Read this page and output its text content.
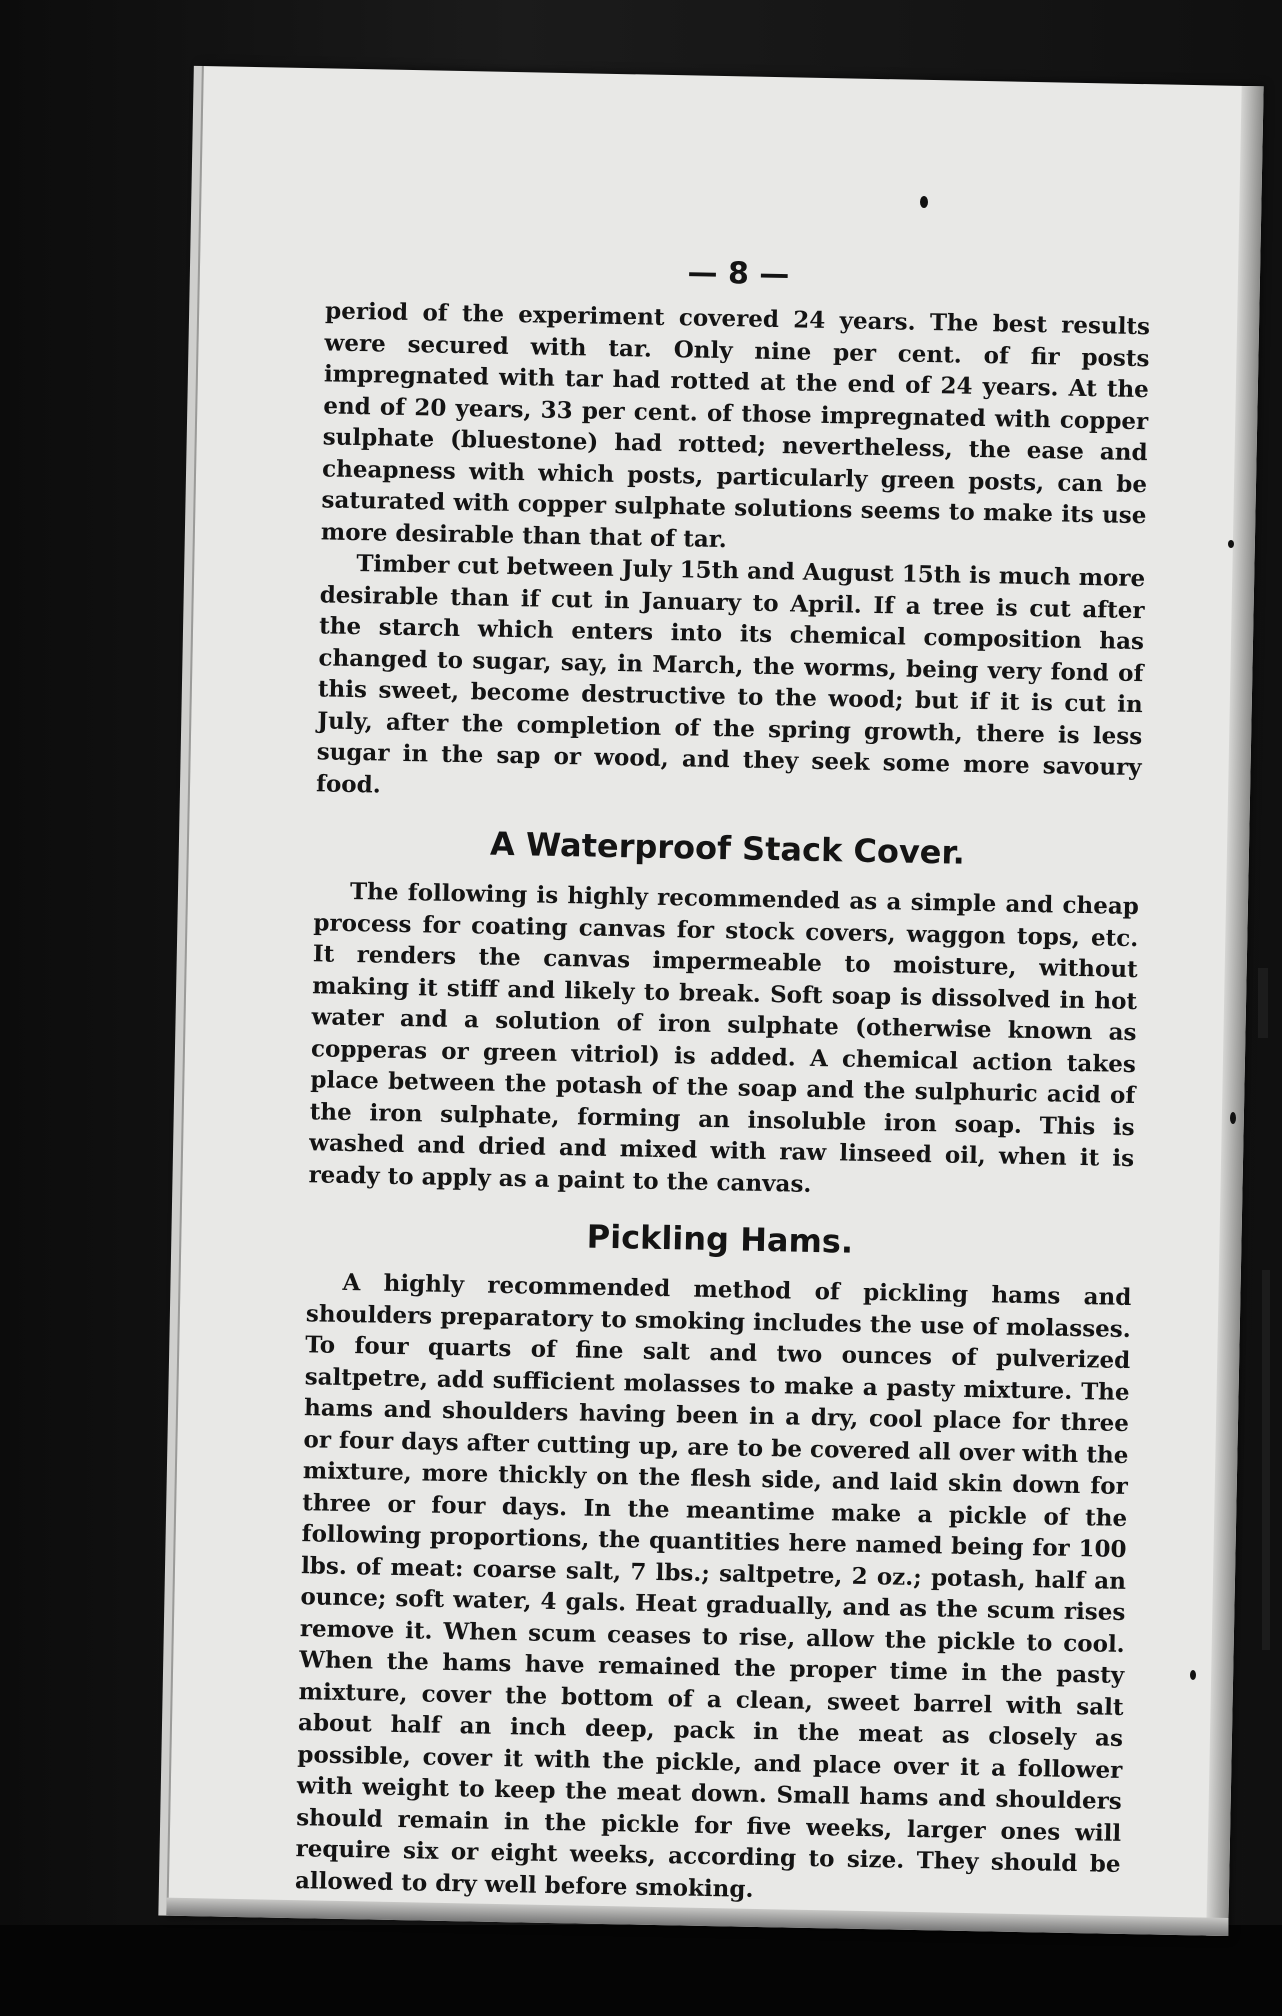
— 8 —

period of the experiment covered 24 years. The best results were secured with tar. Only nine per cent. of fir posts impregnated with tar had rotted at the end of 24 years. At the end of 20 years, 33 per cent. of those impregnated with copper sulphate (bluestone) had rotted; nevertheless, the ease and cheapness with which posts, particularly green posts, can be saturated with copper sulphate solutions seems to make its use more desirable than that of tar.

Timber cut between July 15th and August 15th is much more desirable than if cut in January to April. If a tree is cut after the starch which enters into its chemical composition has changed to sugar, say, in March, the worms, being very fond of this sweet, become destructive to the wood; but if it is cut in July, after the completion of the spring growth, there is less sugar in the sap or wood, and they seek some more savoury food.

A Waterproof Stack Cover.

The following is highly recommended as a simple and cheap process for coating canvas for stock covers, waggon tops, etc. It renders the canvas impermeable to moisture, without making it stiff and likely to break. Soft soap is dissolved in hot water and a solution of iron sulphate (otherwise known as copperas or green vitriol) is added. A chemical action takes place between the potash of the soap and the sulphuric acid of the iron sulphate, forming an insoluble iron soap. This is washed and dried and mixed with raw linseed oil, when it is ready to apply as a paint to the canvas.

Pickling Hams.

A highly recommended method of pickling hams and shoulders preparatory to smoking includes the use of molasses. To four quarts of fine salt and two ounces of pulverized saltpetre, add sufficient molasses to make a pasty mixture. The hams and shoulders having been in a dry, cool place for three or four days after cutting up, are to be covered all over with the mixture, more thickly on the flesh side, and laid skin down for three or four days. In the meantime make a pickle of the following proportions, the quantities here named being for 100 lbs. of meat: coarse salt, 7 lbs.; saltpetre, 2 oz.; potash, half an ounce; soft water, 4 gals. Heat gradually, and as the scum rises remove it. When scum ceases to rise, allow the pickle to cool. When the hams have remained the proper time in the pasty mixture, cover the bottom of a clean, sweet barrel with salt about half an inch deep, pack in the meat as closely as possible, cover it with the pickle, and place over it a follower with weight to keep the meat down. Small hams and shoulders should remain in the pickle for five weeks, larger ones will require six or eight weeks, according to size. They should be allowed to dry well before smoking.
